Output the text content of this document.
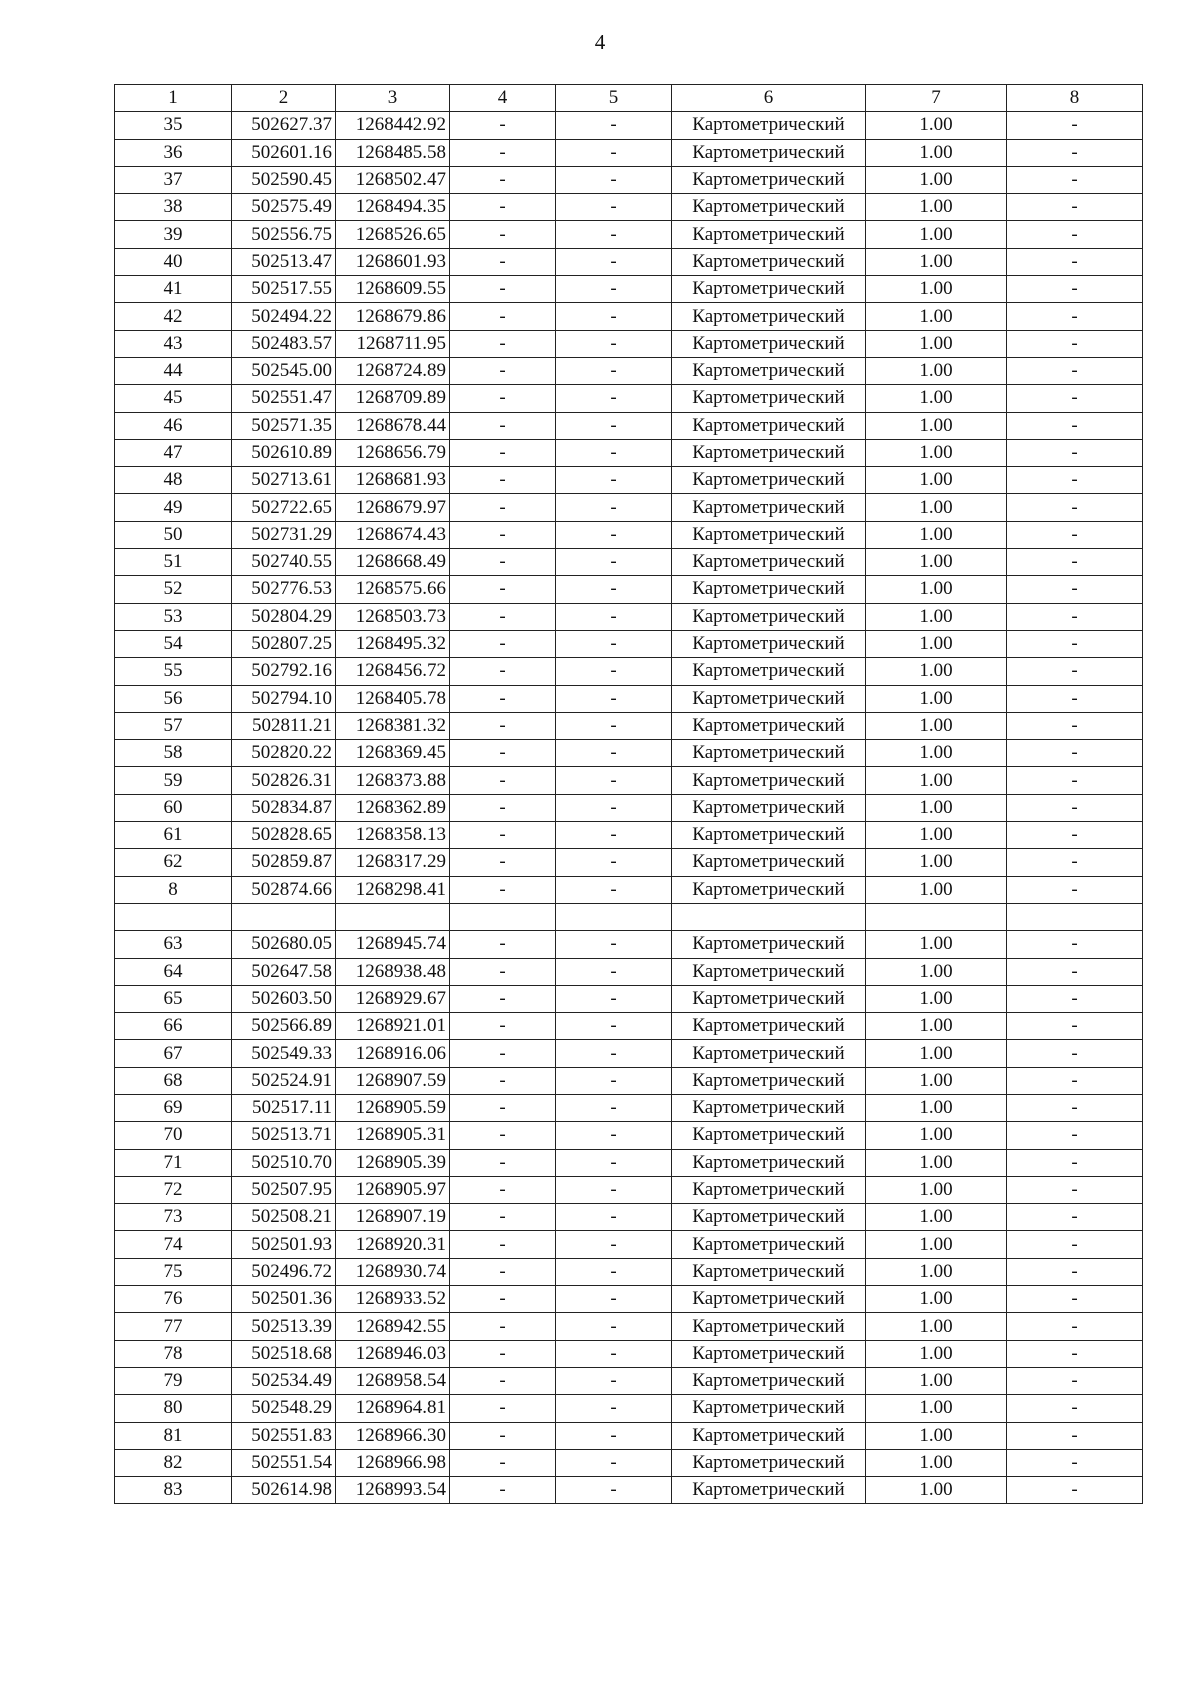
4
1	2	3	4	5	6	7	8
35	502627.37	1268442.92	-	-	Картометрический	1.00	-
36	502601.16	1268485.58	-	-	Картометрический	1.00	-
37	502590.45	1268502.47	-	-	Картометрический	1.00	-
38	502575.49	1268494.35	-	-	Картометрический	1.00	-
39	502556.75	1268526.65	-	-	Картометрический	1.00	-
40	502513.47	1268601.93	-	-	Картометрический	1.00	-
41	502517.55	1268609.55	-	-	Картометрический	1.00	-
42	502494.22	1268679.86	-	-	Картометрический	1.00	-
43	502483.57	1268711.95	-	-	Картометрический	1.00	-
44	502545.00	1268724.89	-	-	Картометрический	1.00	-
45	502551.47	1268709.89	-	-	Картометрический	1.00	-
46	502571.35	1268678.44	-	-	Картометрический	1.00	-
47	502610.89	1268656.79	-	-	Картометрический	1.00	-
48	502713.61	1268681.93	-	-	Картометрический	1.00	-
49	502722.65	1268679.97	-	-	Картометрический	1.00	-
50	502731.29	1268674.43	-	-	Картометрический	1.00	-
51	502740.55	1268668.49	-	-	Картометрический	1.00	-
52	502776.53	1268575.66	-	-	Картометрический	1.00	-
53	502804.29	1268503.73	-	-	Картометрический	1.00	-
54	502807.25	1268495.32	-	-	Картометрический	1.00	-
55	502792.16	1268456.72	-	-	Картометрический	1.00	-
56	502794.10	1268405.78	-	-	Картометрический	1.00	-
57	502811.21	1268381.32	-	-	Картометрический	1.00	-
58	502820.22	1268369.45	-	-	Картометрический	1.00	-
59	502826.31	1268373.88	-	-	Картометрический	1.00	-
60	502834.87	1268362.89	-	-	Картометрический	1.00	-
61	502828.65	1268358.13	-	-	Картометрический	1.00	-
62	502859.87	1268317.29	-	-	Картометрический	1.00	-
8	502874.66	1268298.41	-	-	Картометрический	1.00	-

63	502680.05	1268945.74	-	-	Картометрический	1.00	-
64	502647.58	1268938.48	-	-	Картометрический	1.00	-
65	502603.50	1268929.67	-	-	Картометрический	1.00	-
66	502566.89	1268921.01	-	-	Картометрический	1.00	-
67	502549.33	1268916.06	-	-	Картометрический	1.00	-
68	502524.91	1268907.59	-	-	Картометрический	1.00	-
69	502517.11	1268905.59	-	-	Картометрический	1.00	-
70	502513.71	1268905.31	-	-	Картометрический	1.00	-
71	502510.70	1268905.39	-	-	Картометрический	1.00	-
72	502507.95	1268905.97	-	-	Картометрический	1.00	-
73	502508.21	1268907.19	-	-	Картометрический	1.00	-
74	502501.93	1268920.31	-	-	Картометрический	1.00	-
75	502496.72	1268930.74	-	-	Картометрический	1.00	-
76	502501.36	1268933.52	-	-	Картометрический	1.00	-
77	502513.39	1268942.55	-	-	Картометрический	1.00	-
78	502518.68	1268946.03	-	-	Картометрический	1.00	-
79	502534.49	1268958.54	-	-	Картометрический	1.00	-
80	502548.29	1268964.81	-	-	Картометрический	1.00	-
81	502551.83	1268966.30	-	-	Картометрический	1.00	-
82	502551.54	1268966.98	-	-	Картометрический	1.00	-
83	502614.98	1268993.54	-	-	Картометрический	1.00	-
